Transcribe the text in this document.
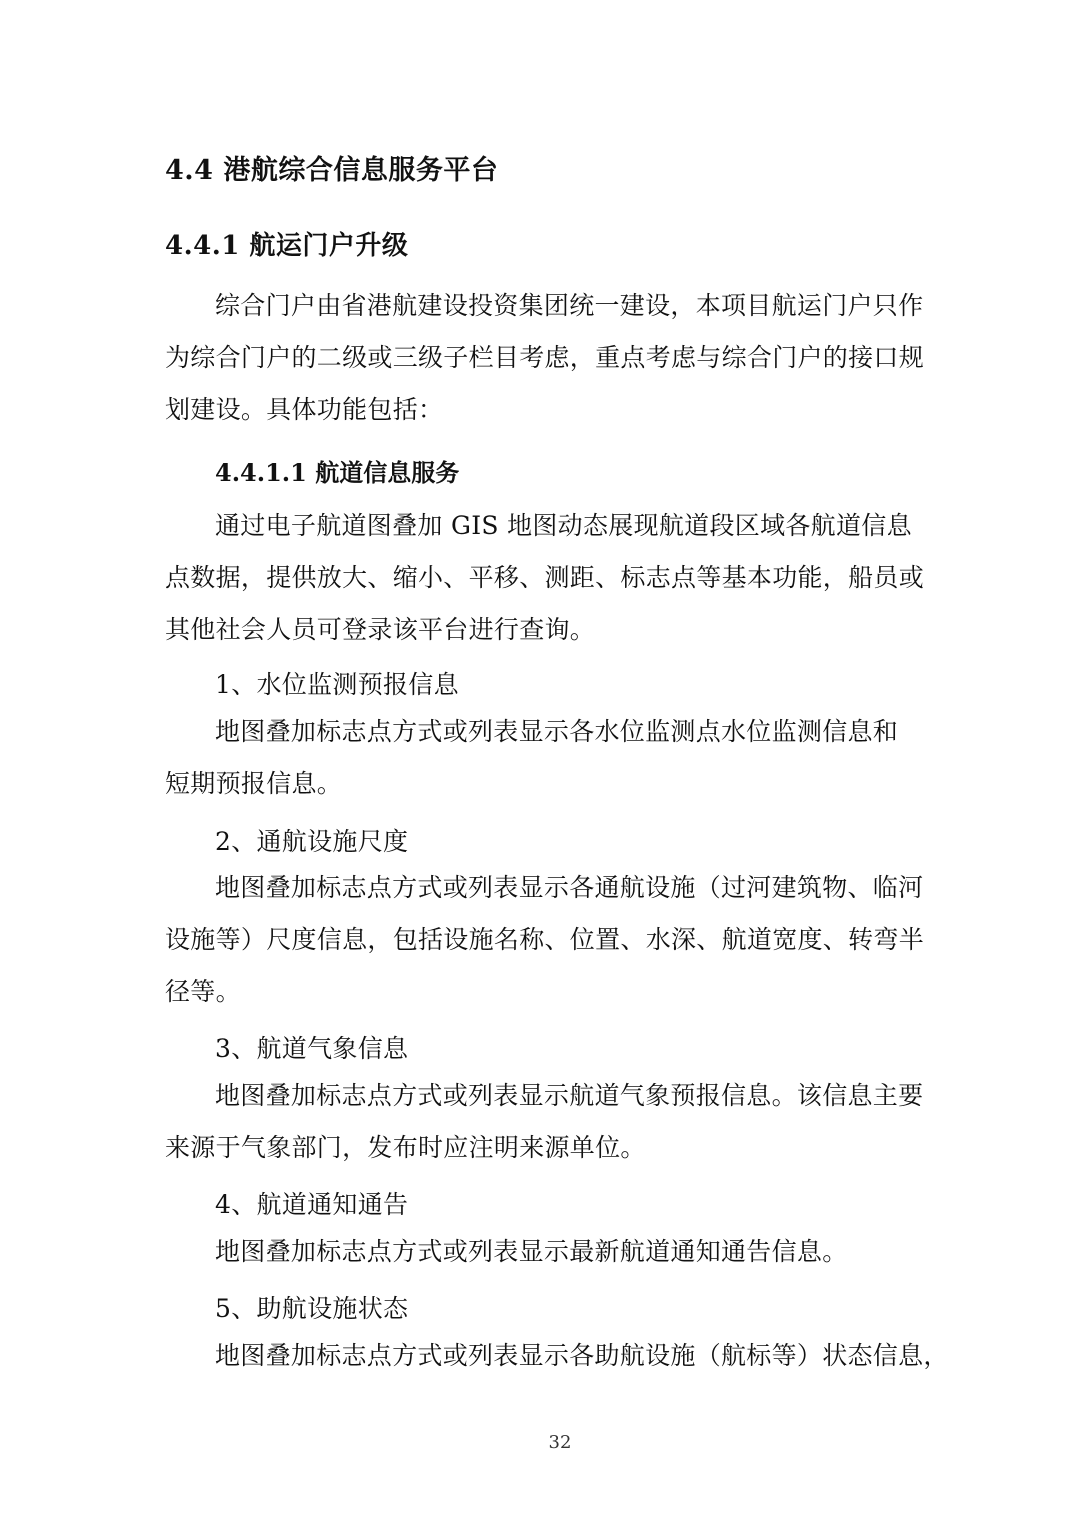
4.4 港航综合信息服务平台
4.4.1 航运门户升级
综合门户由省港航建设投资集团统一建设，本项目航运门户只作
为综合门户的二级或三级子栏目考虑，重点考虑与综合门户的接口规
划建设。具体功能包括：
4.4.1.1 航道信息服务
通过电子航道图叠加 GIS 地图动态展现航道段区域各航道信息
点数据，提供放大、缩小、平移、测距、标志点等基本功能，船员或
其他社会人员可登录该平台进行查询。
1、水位监测预报信息
地图叠加标志点方式或列表显示各水位监测点水位监测信息和
短期预报信息。
2、通航设施尺度
地图叠加标志点方式或列表显示各通航设施（过河建筑物、临河
设施等）尺度信息，包括设施名称、位置、水深、航道宽度、转弯半
径等。
3、航道气象信息
地图叠加标志点方式或列表显示航道气象预报信息。该信息主要
来源于气象部门，发布时应注明来源单位。
4、航道通知通告
地图叠加标志点方式或列表显示最新航道通知通告信息。
5、助航设施状态
地图叠加标志点方式或列表显示各助航设施（航标等）状态信息，
32
